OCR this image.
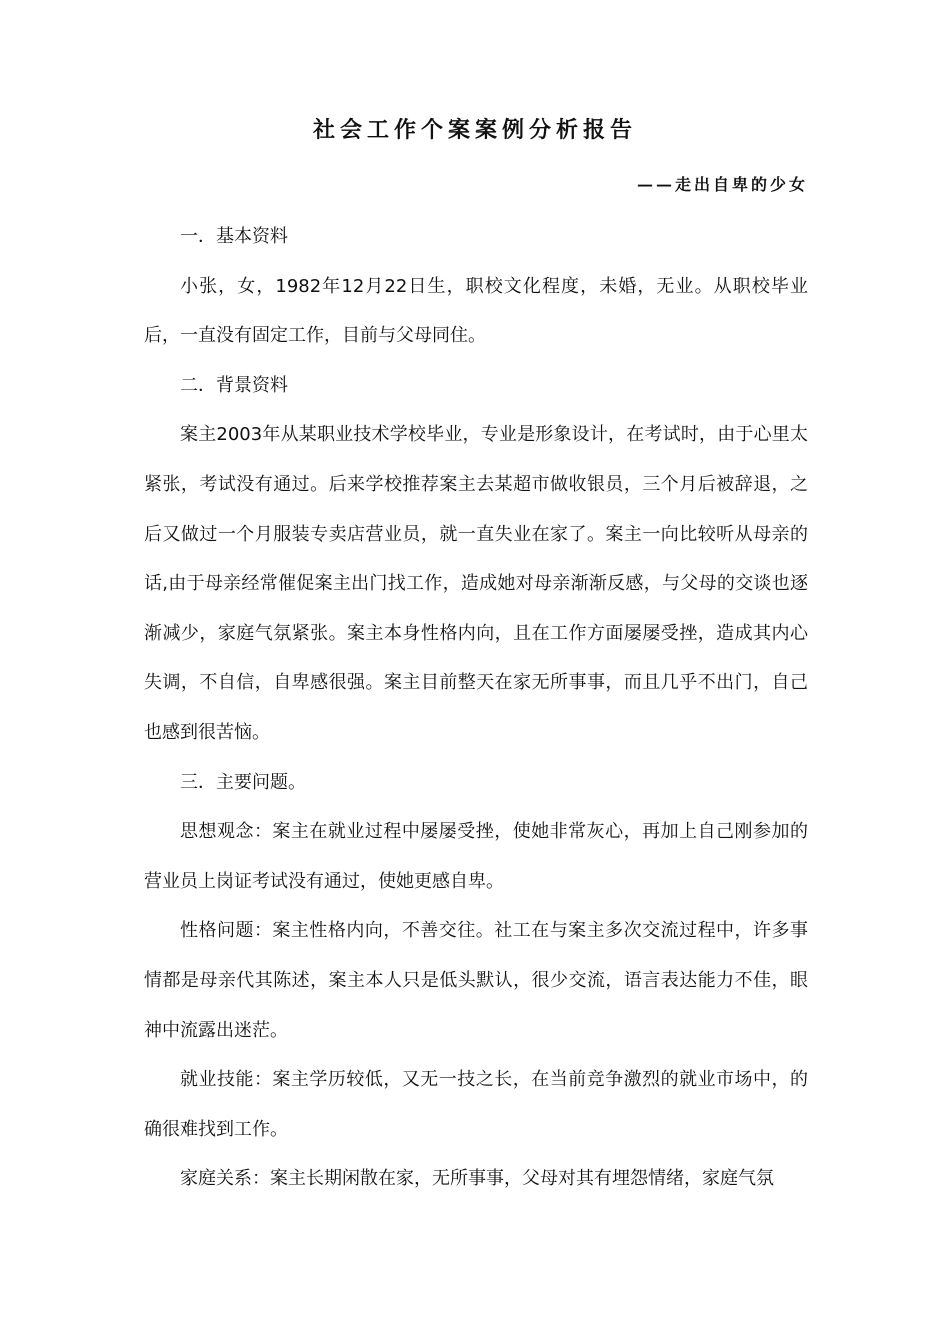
社会工作个案案例分析报告
——走出自卑的少女

一．基本资料

小张，女，1982年12月22日生，职校文化程度，未婚，无业。从职校毕业后，一直没有固定工作，目前与父母同住。

二．背景资料

案主2003年从某职业技术学校毕业，专业是形象设计，在考试时，由于心里太紧张，考试没有通过。后来学校推荐案主去某超市做收银员，三个月后被辞退，之后又做过一个月服装专卖店营业员，就一直失业在家了。案主一向比较听从母亲的话,由于母亲经常催促案主出门找工作，造成她对母亲渐渐反感，与父母的交谈也逐渐减少，家庭气氛紧张。案主本身性格内向，且在工作方面屡屡受挫，造成其内心失调，不自信，自卑感很强。案主目前整天在家无所事事，而且几乎不出门，自己也感到很苦恼。

三．主要问题。

思想观念：案主在就业过程中屡屡受挫，使她非常灰心，再加上自己刚参加的营业员上岗证考试没有通过，使她更感自卑。

性格问题：案主性格内向，不善交往。社工在与案主多次交流过程中，许多事情都是母亲代其陈述，案主本人只是低头默认，很少交流，语言表达能力不佳，眼神中流露出迷茫。

就业技能：案主学历较低，又无一技之长，在当前竞争激烈的就业市场中，的确很难找到工作。

家庭关系：案主长期闲散在家，无所事事，父母对其有埋怨情绪，家庭气氛
